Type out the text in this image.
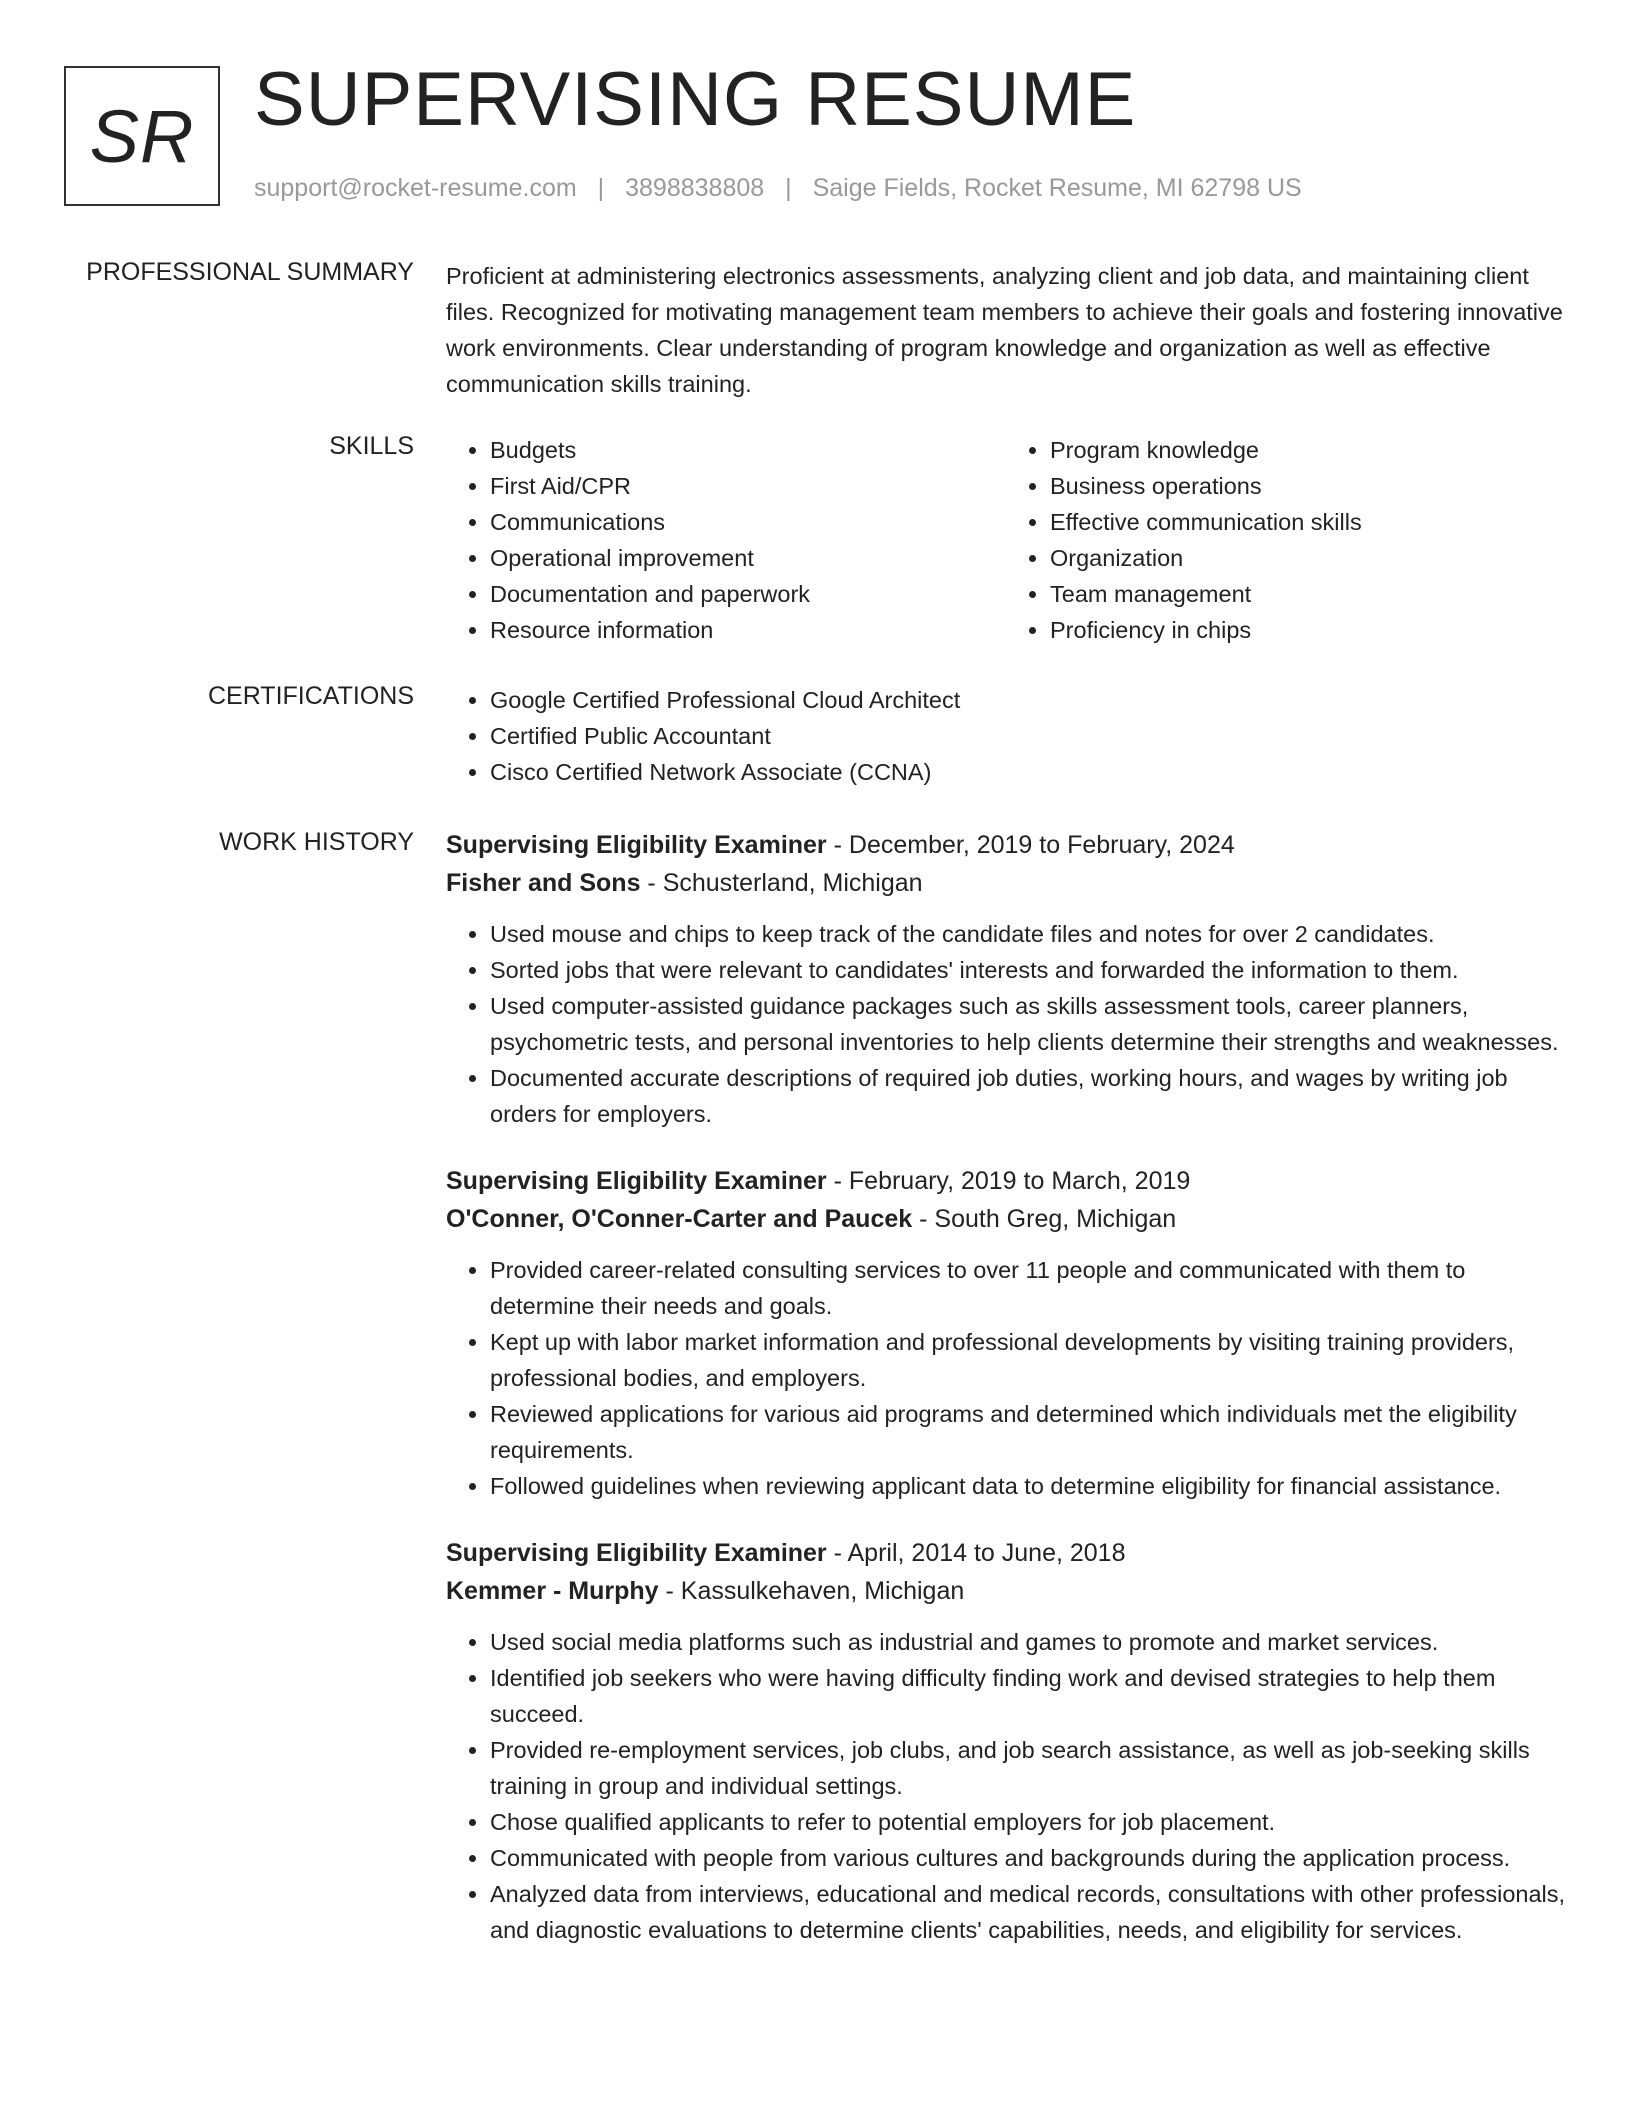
SR SUPERVISING RESUME
support@rocket-resume.com | 3898838808 | Saige Fields, Rocket Resume, MI 62798 US
PROFESSIONAL SUMMARY Proficient at administering electronics assessments, analyzing client and job data, and maintaining client files. Recognized for motivating management team members to achieve their goals and fostering innovative work environments. Clear understanding of program knowledge and organization as well as effective communication skills training.

SKILLS	• Budgets
• First Aid/CPR
• Communications
• Operational improvement
• Documentation and paperwork
• Resource information
• Program knowledge
• Business operations
• Effective communication skills
• Organization
• Team management
• Proficiency in chips
CERTIFICATIONS	• Google Certified Professional Cloud Architect
• Certified Public Accountant
• Cisco Certified Network Associate (CCNA)
WORK HISTORY Supervising Eligibility Examiner - December, 2019 to February, 2024
Fisher and Sons - Schusterland, Michigan
• Used mouse and chips to keep track of the candidate files and notes for over 2 candidates.
• Sorted jobs that were relevant to candidates' interests and forwarded the information to them.
• Used computer-assisted guidance packages such as skills assessment tools, career planners, psychometric tests, and personal inventories to help clients determine their strengths and weaknesses.
• Documented accurate descriptions of required job duties, working hours, and wages by writing job orders for employers.
Supervising Eligibility Examiner - February, 2019 to March, 2019
O'Conner, O'Conner-Carter and Paucek - South Greg, Michigan
• Provided career-related consulting services to over 11 people and communicated with them to determine their needs and goals.
• Kept up with labor market information and professional developments by visiting training providers, professional bodies, and employers.
• Reviewed applications for various aid programs and determined which individuals met the eligibility requirements.
• Followed guidelines when reviewing applicant data to determine eligibility for financial assistance.
Supervising Eligibility Examiner - April, 2014 to June, 2018
Kemmer - Murphy - Kassulkehaven, Michigan
• Used social media platforms such as industrial and games to promote and market services.
• Identified job seekers who were having difficulty finding work and devised strategies to help them succeed.
• Provided re-employment services, job clubs, and job search assistance, as well as job-seeking skills training in group and individual settings.
• Chose qualified applicants to refer to potential employers for job placement.
• Communicated with people from various cultures and backgrounds during the application process.
• Analyzed data from interviews, educational and medical records, consultations with other professionals, and diagnostic evaluations to determine clients' capabilities, needs, and eligibility for services.
